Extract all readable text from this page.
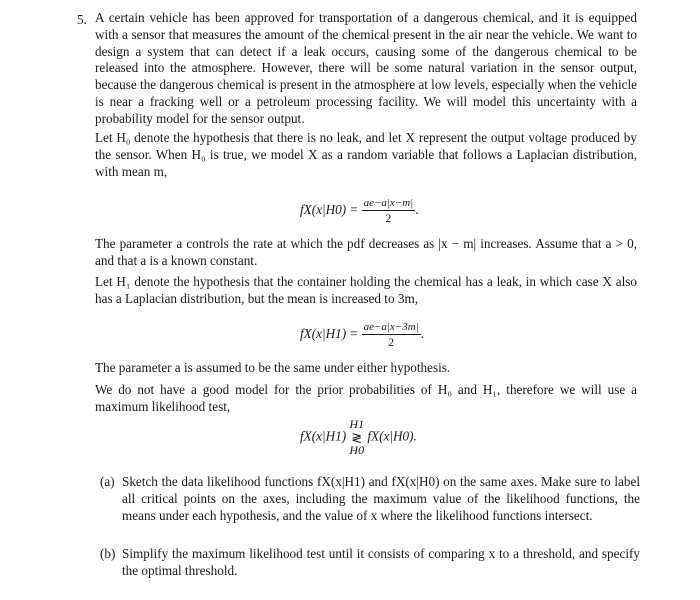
5. A certain vehicle has been approved for transportation of a dangerous chemical, and it is equipped with a sensor that measures the amount of the chemical present in the air near the vehicle. We want to design a system that can detect if a leak occurs, causing some of the dangerous chemical to be released into the atmosphere. However, there will be some natural variation in the sensor output, because the dangerous chemical is present in the atmosphere at low levels, especially when the vehicle is near a fracking well or a petroleum processing facility. We will model this uncertainty with a probability model for the sensor output.

Let H₀ denote the hypothesis that there is no leak, and let X represent the output voltage produced by the sensor. When H₀ is true, we model X as a random variable that follows a Laplacian distribution, with mean m,

$fX(x|H0) = \frac{ae-a|x-m|}{2}$ .

The parameter a controls the rate at which the pdf decreases as |x − m| increases. Assume that a > 0, and that a is a known constant.

Let H₁ denote the hypothesis that the container holding the chemical has a leak, in which case X also has a Laplacian distribution, but the mean is increased to 3m,

$fX(x|H1) = \frac{ae-a|x-3m|}{2}$ .

The parameter a is assumed to be the same under either hypothesis.

We do not have a good model for the prior probabilities of H₀ and H₁, therefore we will use a maximum likelihood test,

fX(x|H1)
H1
≷
H0
fX(x|H0).
(a) Sketch the data likelihood functions fX(x|H1) and fX(x|H0) on the same axes. Make sure to label all critical points on the axes, including the maximum value of the likelihood functions, the means under each hypothesis, and the value of x where the likelihood functions intersect.
(b) Simplify the maximum likelihood test until it consists of comparing x to a threshold, and specify the optimal threshold.
